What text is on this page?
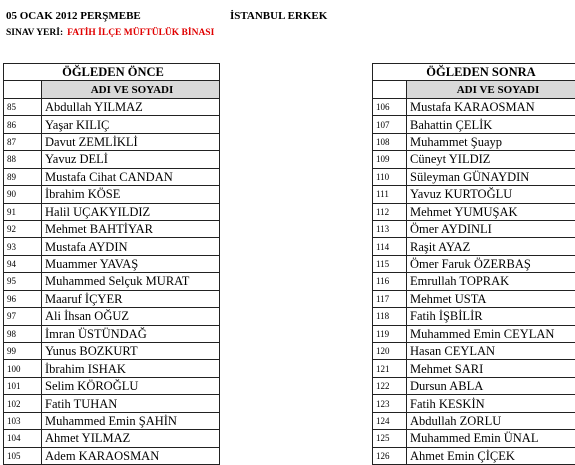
05 OCAK 2012 PERŞMEBE	İSTANBUL ERKEK
SINAV YERİ: FATİH İLÇE MÜFTÜLÜK BİNASI
ÖĞLEDEN ÖNCE	
	ADI VE SOYADI
85	Abdullah YILMAZ
86	Yaşar KILIÇ
87	Davut ZEMLİKLİ
88	Yavuz DELİ
89	Mustafa Cihat CANDAN
90	İbrahim KÖSE
91	Halil UÇAKYILDIZ
92	Mehmet BAHTİYAR
93	Mustafa AYDIN
94	Muammer YAVAŞ
95	Muhammed Selçuk MURAT
96	Maaruf İÇYER
97	Ali İhsan OĞUZ
98	İmran ÜSTÜNDAĞ
99	Yunus BOZKURT
100	İbrahim ISHAK
101	Selim KÖROĞLU
102	Fatih TUHAN
103	Muhammed Emin ŞAHİN
104	Ahmet YILMAZ
105	Adem KARAOSMAN
ÖĞLEDEN SONRA	
	ADI VE SOYADI
106	Mustafa KARAOSMAN
107	Bahattin ÇELİK
108	Muhammet Şuayp
109	Cüneyt YILDIZ
110	Süleyman GÜNAYDIN
111	Yavuz KURTOĞLU
112	Mehmet YUMUŞAK
113	Ömer AYDINLI
114	Raşit AYAZ
115	Ömer Faruk ÖZERBAŞ
116	Emrullah TOPRAK
117	Mehmet USTA
118	Fatih İŞBİLİR
119	Muhammed Emin CEYLAN
120	Hasan CEYLAN
121	Mehmet SARI
122	Dursun ABLA
123	Fatih KESKİN
124	Abdullah ZORLU
125	Muhammed Emin ÜNAL
126	Ahmet Emin ÇİÇEK
